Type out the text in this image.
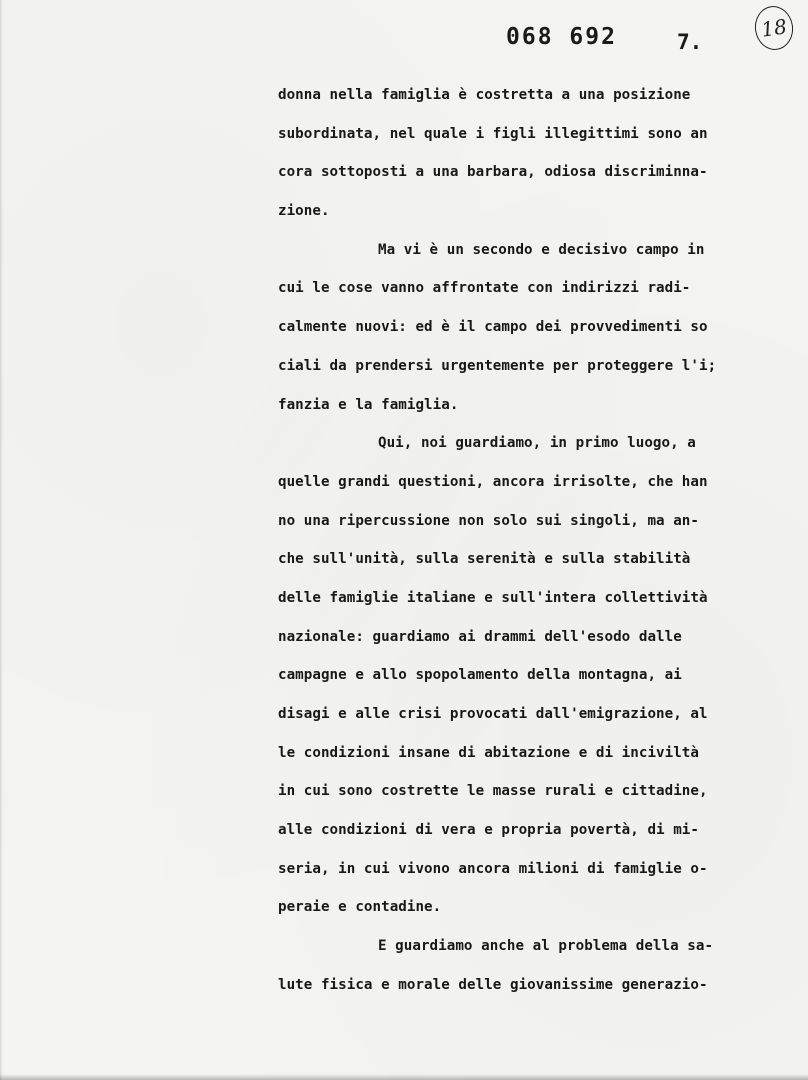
068 692	7.
18
donna nella famiglia è costretta a una posizione
subordinata, nel quale i figli illegittimi sono an
cora sottoposti a una barbara, odiosa discriminna-
zione.
Ma vi è un secondo e decisivo campo in
cui le cose vanno affrontate con indirizzi radi-
calmente nuovi: ed è il campo dei provvedimenti so
ciali da prendersi urgentemente per proteggere l'i;
fanzia e la famiglia.
Qui, noi guardiamo, in primo luogo, a
quelle grandi questioni, ancora irrisolte, che han
no una ripercussione non solo sui singoli, ma an-
che sull'unità, sulla serenità e sulla stabilità
delle famiglie italiane e sull'intera collettività
nazionale: guardiamo ai drammi dell'esodo dalle
campagne e allo spopolamento della montagna, ai
disagi e alle crisi provocati dall'emigrazione, al
le condizioni insane di abitazione e di inciviltà
in cui sono costrette le masse rurali e cittadine,
alle condizioni di vera e propria povertà, di mi-
seria, in cui vivono ancora milioni di famiglie o-
peraie e contadine.
E guardiamo anche al problema della sa-
lute fisica e morale delle giovanissime generazio-
